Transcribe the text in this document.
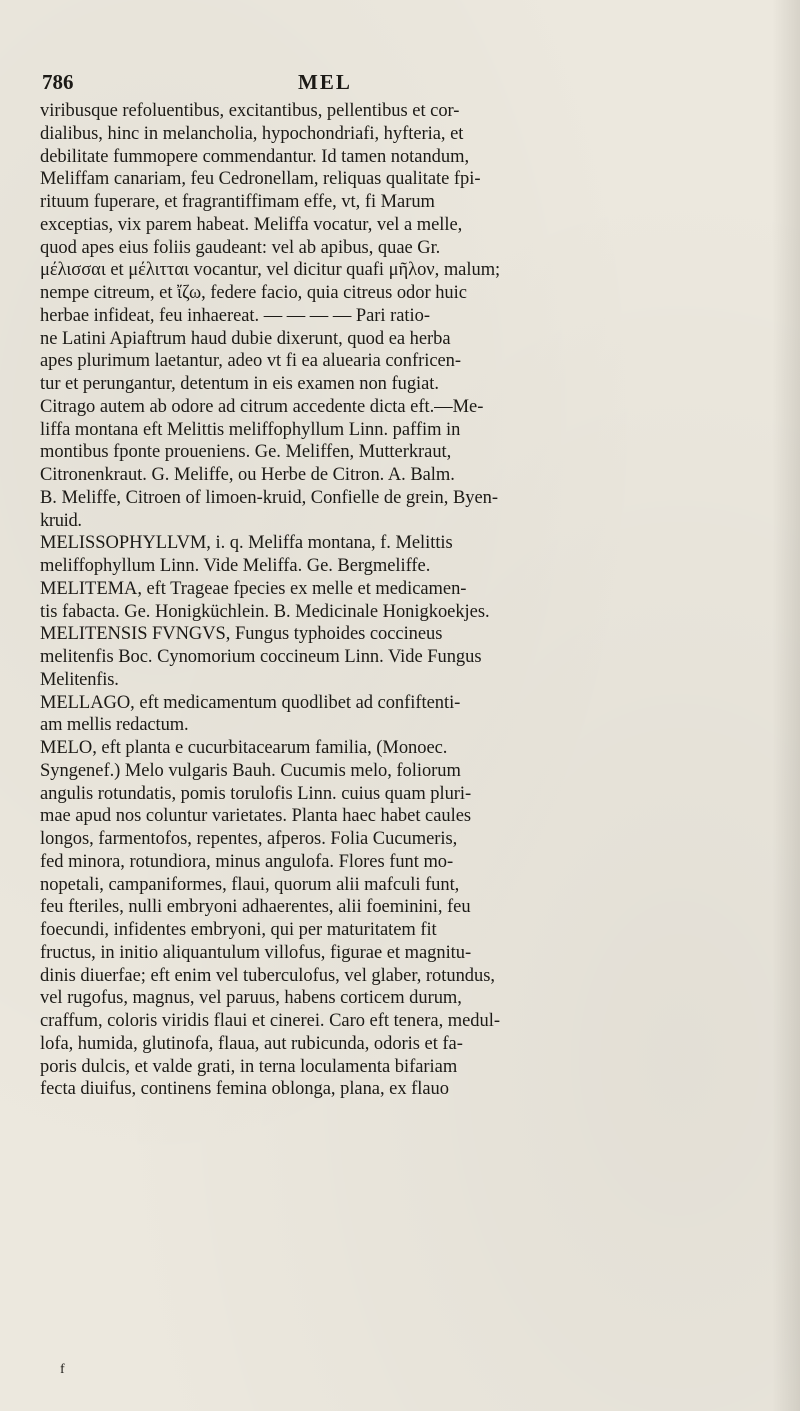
786	MEL
viribusque refoluentibus, excitantibus, pellentibus et cor-
dialibus, hinc in melancholia, hypochondriafi, hyfteria, et
debilitate fummopere commendantur. Id tamen notandum,
Meliffam canariam, feu Cedronellam, reliquas qualitate fpi-
rituum fuperare, et fragrantiffimam effe, vt, fi Marum
exceptias, vix parem habeat. Meliffa vocatur, vel a melle,
quod apes eius foliis gaudeant: vel ab apibus, quae Gr.
μέλισσαι et μέλιτται vocantur, vel dicitur quafi μῆλον, malum;
nempe citreum, et ἴζω, federe facio, quia citreus odor huic
herbae infideat, feu inhaereat. — — — — Pari ratio-
ne Latini Apiaftrum haud dubie dixerunt, quod ea herba
apes plurimum laetantur, adeo vt fi ea aluearia confricen-
tur et perungantur, detentum in eis examen non fugiat.
Citrago autem ab odore ad citrum accedente dicta eft.—Me-
liffa montana eft Melittis meliffophyllum Linn. paffim in
montibus fponte proueniens. Ge. Meliffen, Mutterkraut,
Citronenkraut. G. Meliffe, ou Herbe de Citron. A. Balm.
B. Meliffe, Citroen of limoen-kruid, Confielle de grein, Byen-
kruid.
MELISSOPHYLLVM, i. q. Meliffa montana, f. Melittis
meliffophyllum Linn. Vide Meliffa. Ge. Bergmeliffe.
MELITEMA, eft Trageae fpecies ex melle et medicamen-
tis fabacta. Ge. Honigküchlein. B. Medicinale Honigkoekjes.
MELITENSIS FVNGVS, Fungus typhoides coccineus
melitenfis Boc. Cynomorium coccineum Linn. Vide Fungus
Melitenfis.
MELLAGO, eft medicamentum quodlibet ad confiftenti-
am mellis redactum.
MELO, eft planta e cucurbitacearum familia, (Monoec.
Syngenef.) Melo vulgaris Bauh. Cucumis melo, foliorum
angulis rotundatis, pomis torulofis Linn. cuius quam pluri-
mae apud nos coluntur varietates. Planta haec habet caules
longos, farmentofos, repentes, afperos. Folia Cucumeris,
fed minora, rotundiora, minus angulofa. Flores funt mo-
nopetali, campaniformes, flaui, quorum alii mafculi funt,
feu fteriles, nulli embryoni adhaerentes, alii foeminini, feu
foecundi, infidentes embryoni, qui per maturitatem fit
fructus, in initio aliquantulum villofus, figurae et magnitu-
dinis diuerfae; eft enim vel tuberculofus, vel glaber, rotundus,
vel rugofus, magnus, vel paruus, habens corticem durum,
craffum, coloris viridis flaui et cinerei. Caro eft tenera, medul-
lofa, humida, glutinofa, flaua, aut rubicunda, odoris et fa-
poris dulcis, et valde grati, in terna loculamenta bifariam
fecta diuifus, continens femina oblonga, plana, ex flauo
f
